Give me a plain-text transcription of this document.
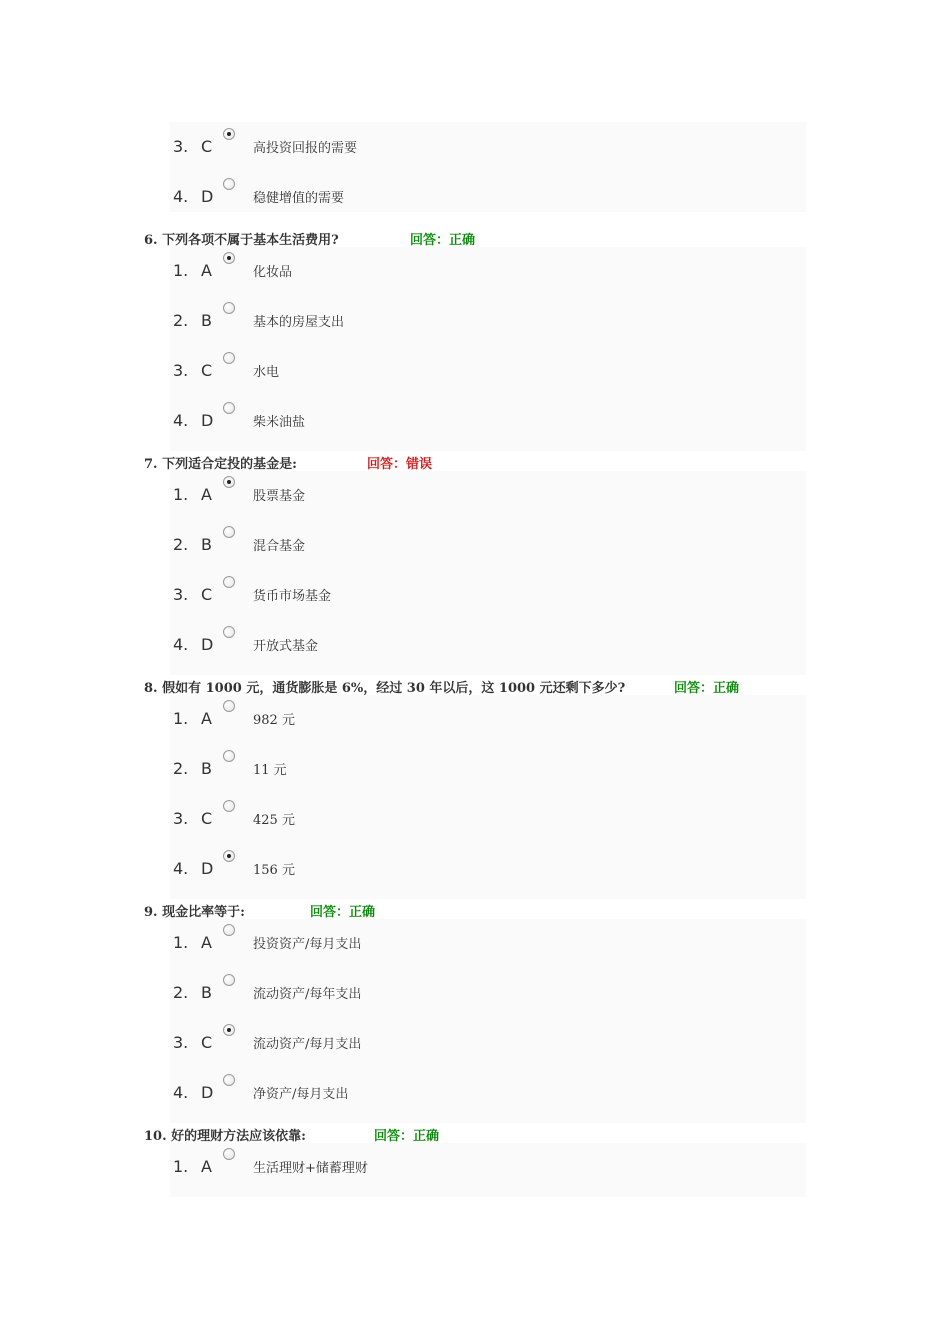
3. C	高投资回报的需要
4. D	稳健增值的需要
6. 下列各项不属于基本生活费用?	回答：正确
1. A	化妆品
2. B	基本的房屋支出
3. C	水电
4. D	柴米油盐
7. 下列适合定投的基金是:	回答：错误
1. A	股票基金
2. B	混合基金
3. C	货币市场基金
4. D	开放式基金
8. 假如有 1000 元，通货膨胀是 6%，经过 30 年以后，这 1000 元还剩下多少?	回答：正确
1. A	982 元
2. B	11 元
3. C	425 元
4. D	156 元
9. 现金比率等于:	回答：正确
1. A	投资资产/每月支出
2. B	流动资产/每年支出
3. C	流动资产/每月支出
4. D	净资产/每月支出
10. 好的理财方法应该依靠:	回答：正确
1. A	生活理财+储蓄理财
